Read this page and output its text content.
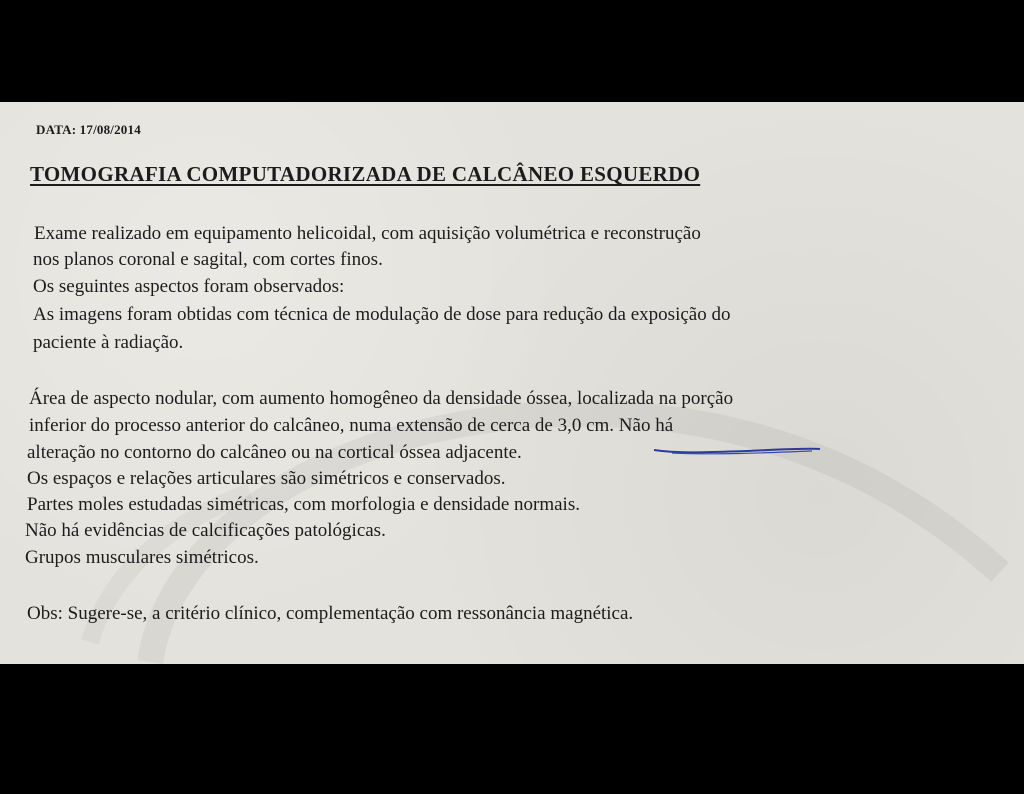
DATA: 17/08/2014
TOMOGRAFIA COMPUTADORIZADA DE CALCÂNEO ESQUERDO
Exame realizado em equipamento helicoidal, com aquisição volumétrica e reconstrução
nos planos coronal e sagital, com cortes finos.
Os seguintes aspectos foram observados:
As imagens foram obtidas com técnica de modulação de dose para redução da exposição do
paciente à radiação.
Área de aspecto nodular, com aumento homogêneo da densidade óssea, localizada na porção
inferior do processo anterior do calcâneo, numa extensão de cerca de 3,0 cm. Não há
alteração no contorno do calcâneo ou na cortical óssea adjacente.
Os espaços e relações articulares são simétricos e conservados.
Partes moles estudadas simétricas, com morfologia e densidade normais.
Não há evidências de calcificações patológicas.
Grupos musculares simétricos.
Obs: Sugere-se, a critério clínico, complementação com ressonância magnética.
